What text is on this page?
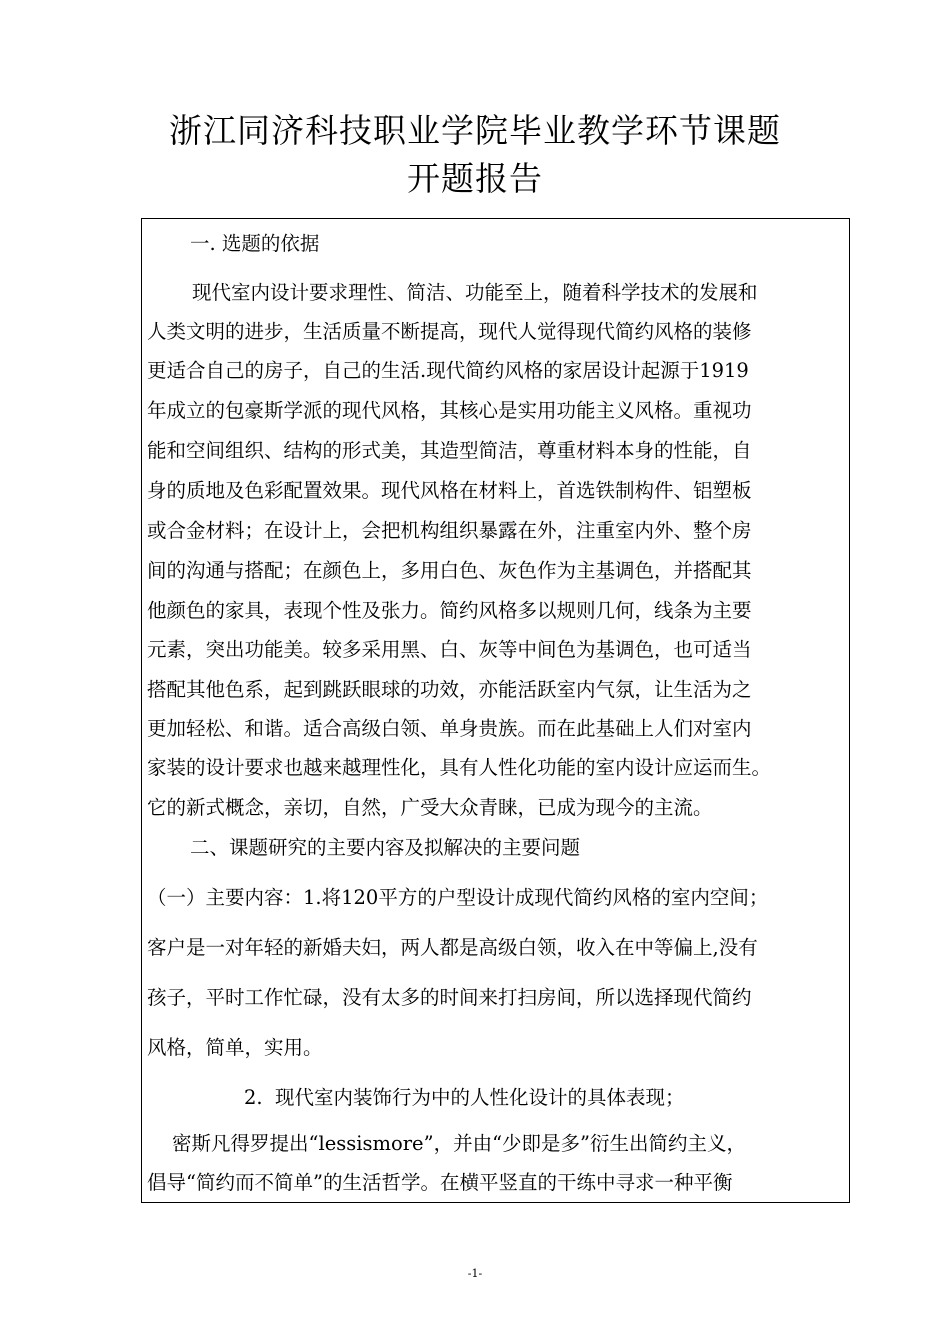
浙江同济科技职业学院毕业教学环节课题
开题报告
一. 选题的依据
现代室内设计要求理性、简洁、功能至上，随着科学技术的发展和
人类文明的进步，生活质量不断提高，现代人觉得现代简约风格的装修
更适合自己的房子，自己的生活.现代简约风格的家居设计起源于1919
年成立的包豪斯学派的现代风格，其核心是实用功能主义风格。重视功
能和空间组织、结构的形式美，其造型简洁，尊重材料本身的性能，自
身的质地及色彩配置效果。现代风格在材料上，首选铁制构件、铝塑板
或合金材料；在设计上，会把机构组织暴露在外，注重室内外、整个房
间的沟通与搭配；在颜色上，多用白色、灰色作为主基调色，并搭配其
他颜色的家具，表现个性及张力。简约风格多以规则几何，线条为主要
元素，突出功能美。较多采用黑、白、灰等中间色为基调色，也可适当
搭配其他色系，起到跳跃眼球的功效，亦能活跃室内气氛，让生活为之
更加轻松、和谐。适合高级白领、单身贵族。而在此基础上人们对室内
家装的设计要求也越来越理性化，具有人性化功能的室内设计应运而生。
它的新式概念，亲切，自然，广受大众青睐，已成为现今的主流。
二、课题研究的主要内容及拟解决的主要问题
（一）主要内容：1.将120平方的户型设计成现代简约风格的室内空间；
客户是一对年轻的新婚夫妇，两人都是高级白领，收入在中等偏上,没有
孩子，平时工作忙碌，没有太多的时间来打扫房间，所以选择现代简约
风格，简单，实用。
2.  现代室内装饰行为中的人性化设计的具体表现；
密斯凡得罗提出“lessismore”，并由“少即是多”衍生出简约主义，
倡导“简约而不简单”的生活哲学。在横平竖直的干练中寻求一种平衡
-1-
